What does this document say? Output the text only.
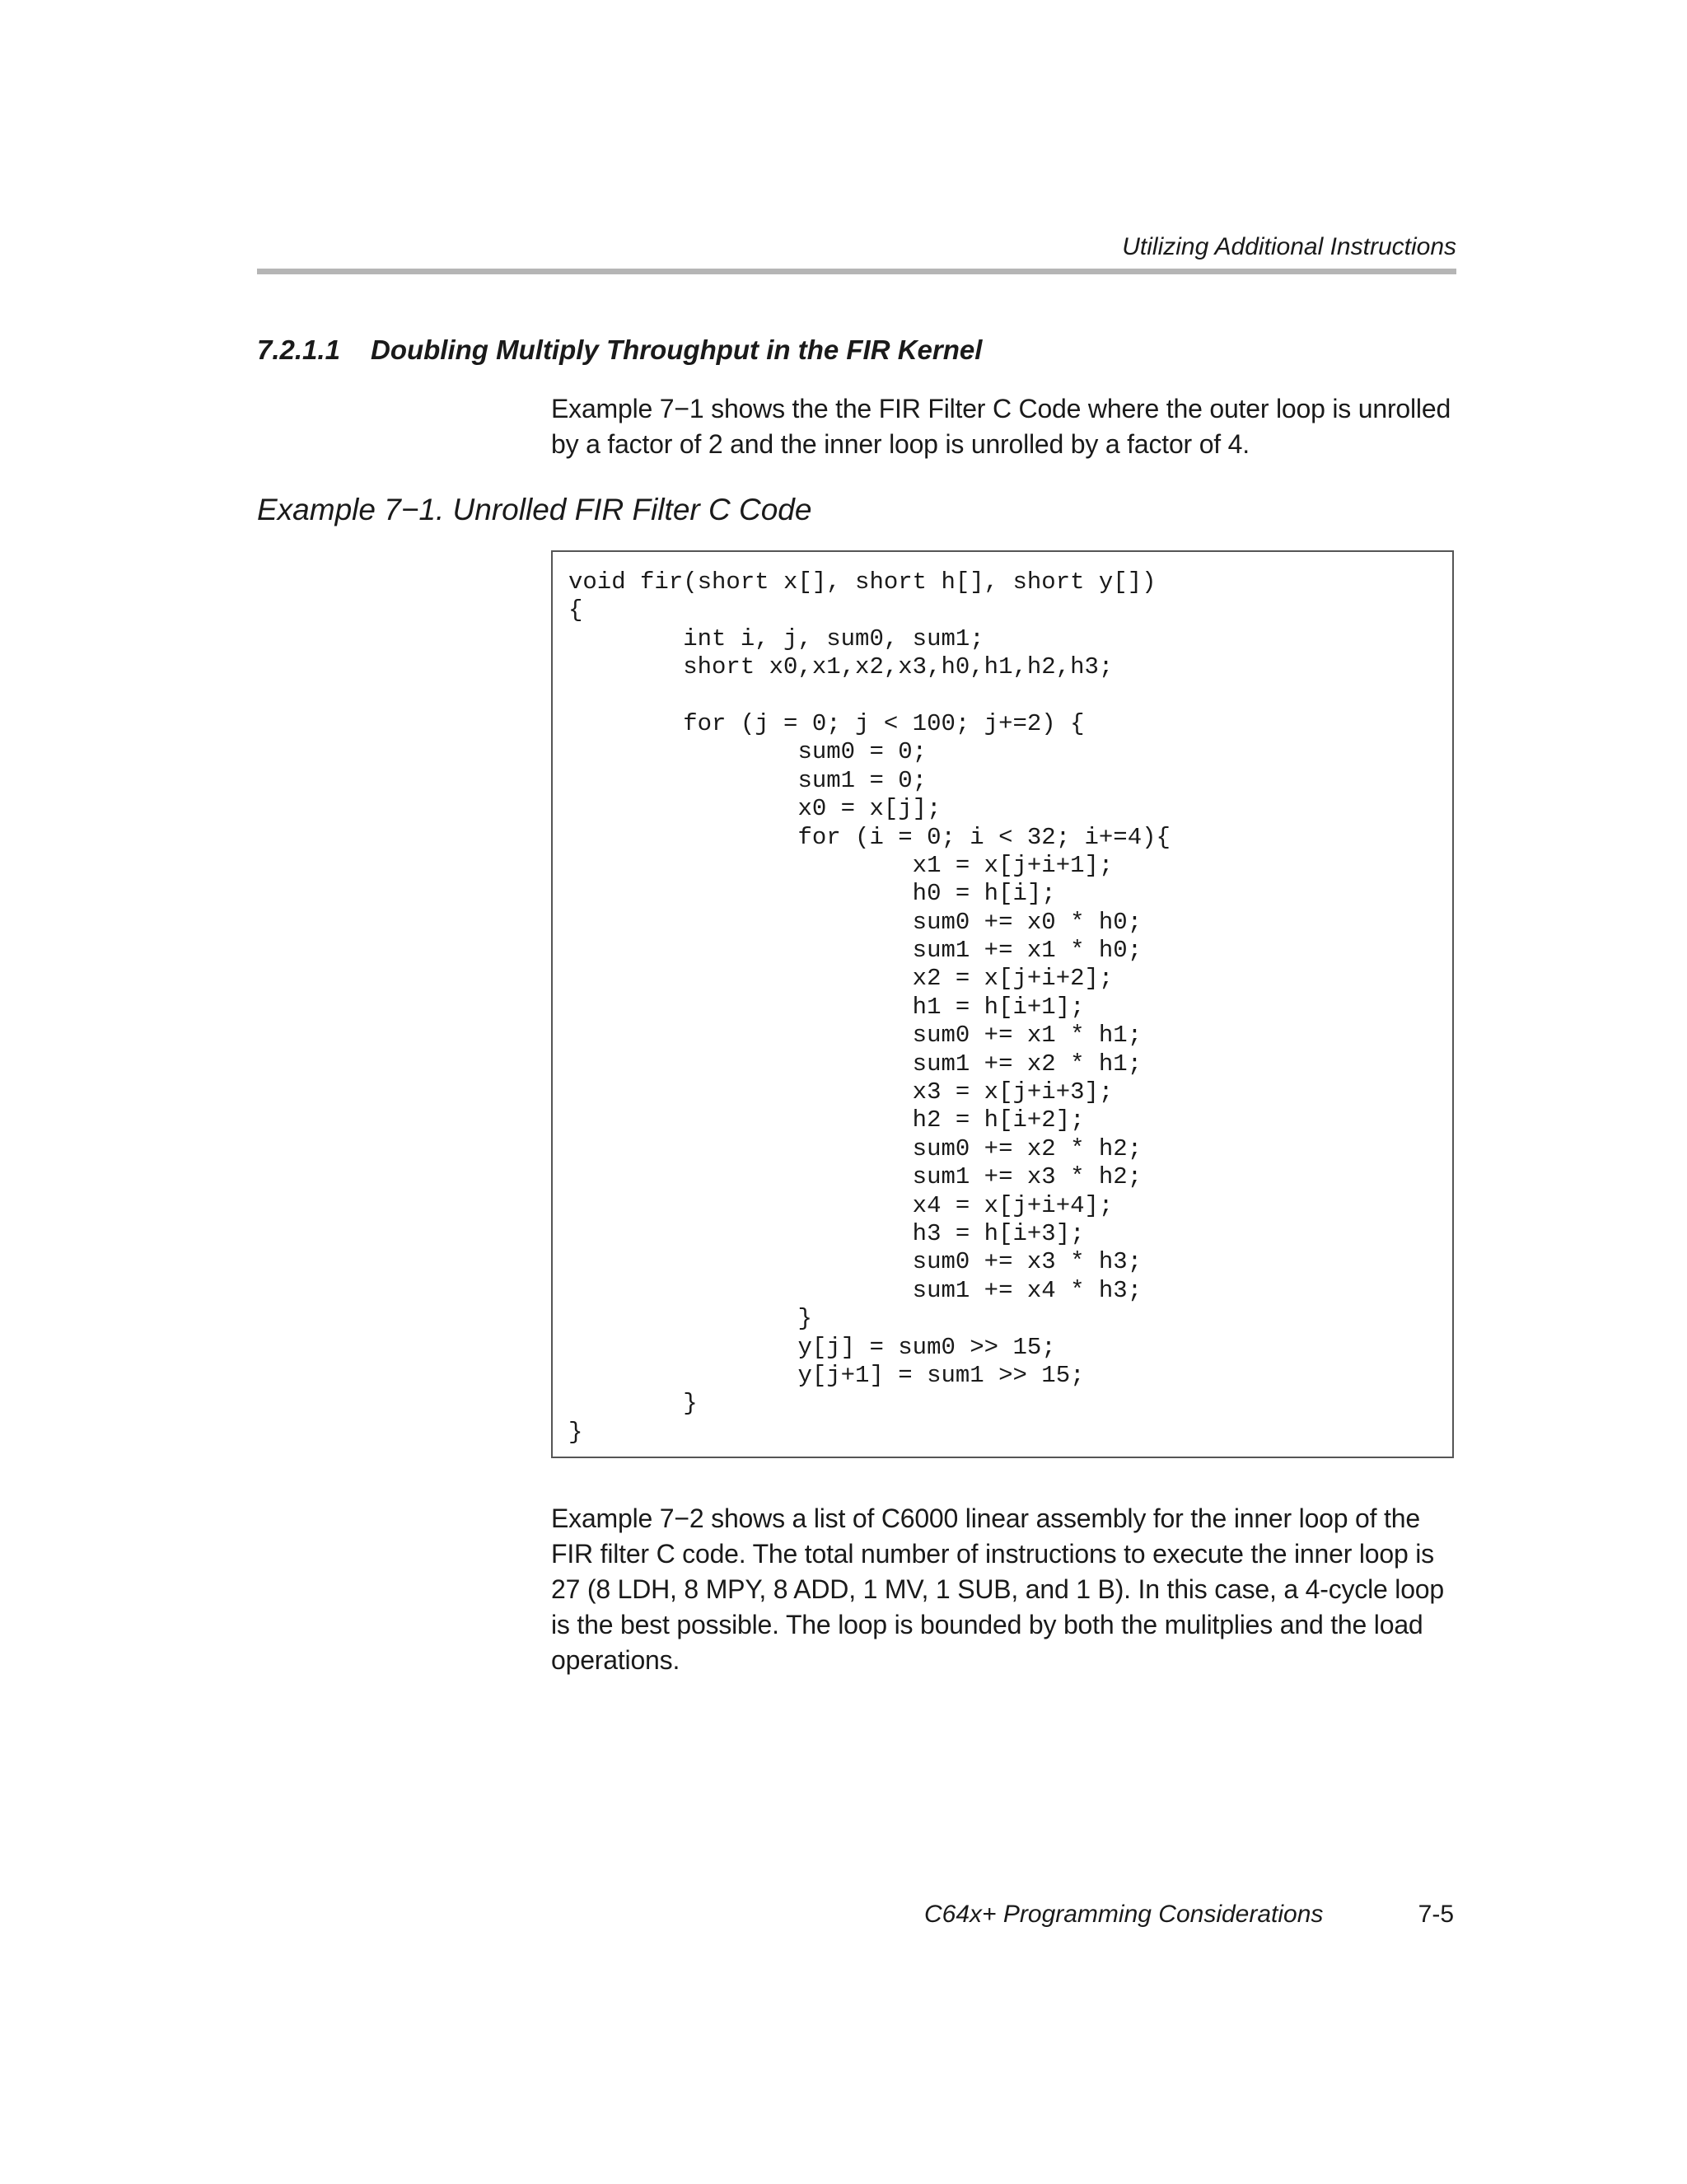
Utilizing Additional Instructions
7.2.1.1 Doubling Multiply Throughput in the FIR Kernel
Example 7−1 shows the the FIR Filter C Code where the outer loop is unrolled by a factor of 2 and the inner loop is unrolled by a factor of 4.
Example 7−1. Unrolled FIR Filter C Code
void fir(short x[], short h[], short y[])
{
int i, j, sum0, sum1;
short x0,x1,x2,x3,h0,h1,h2,h3;
for (j = 0; j < 100; j+=2) {
sum0 = 0;
sum1 = 0;
x0 = x[j];
for (i = 0; i < 32; i+=4){
x1 = x[j+i+1];
h0 = h[i];
sum0 += x0 * h0;
sum1 += x1 * h0;
x2 = x[j+i+2];
h1 = h[i+1];
sum0 += x1 * h1;
sum1 += x2 * h1;
x3 = x[j+i+3];
h2 = h[i+2];
sum0 += x2 * h2;
sum1 += x3 * h2;
x4 = x[j+i+4];
h3 = h[i+3];
sum0 += x3 * h3;
sum1 += x4 * h3;
}
y[j] = sum0 >> 15;
y[j+1] = sum1 >> 15;
}
}
Example 7−2 shows a list of C6000 linear assembly for the inner loop of the FIR filter C code. The total number of instructions to execute the inner loop is 27 (8 LDH, 8 MPY, 8 ADD, 1 MV, 1 SUB, and 1 B). In this case, a 4-cycle loop is the best possible. The loop is bounded by both the mulitplies and the load operations.
C64x+ Programming Considerations	7-5
